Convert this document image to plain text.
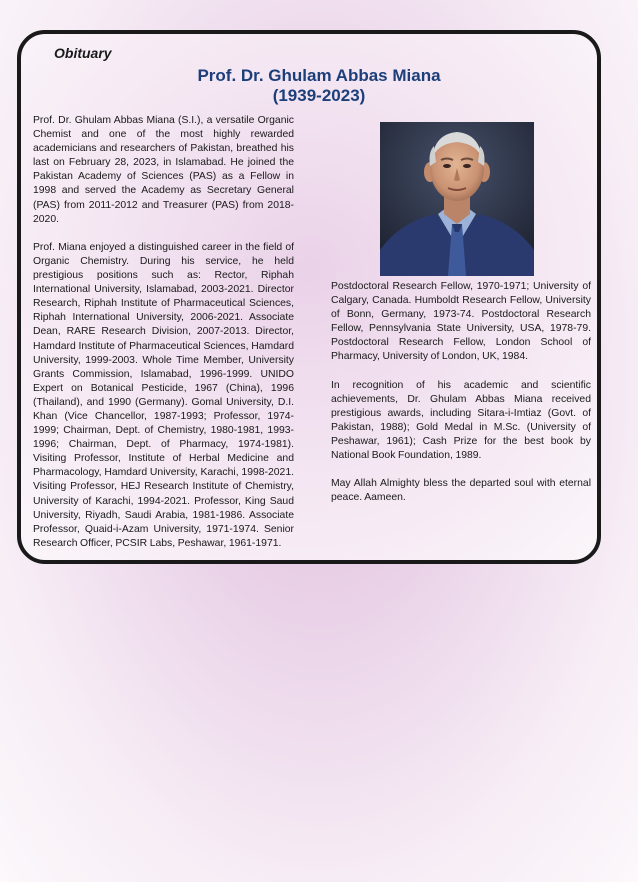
Obituary
Prof. Dr. Ghulam Abbas Miana
(1939-2023)

Prof. Dr. Ghulam Abbas Miana (S.I.), a versatile Organic Chemist and one of the most highly rewarded academicians and researchers of Pakistan, breathed his last on February 28, 2023, in Islamabad. He joined the Pakistan Academy of Sciences (PAS) as a Fellow in 1998 and served the Academy as Secretary General (PAS) from 2011-2012 and Treasurer (PAS) from 2018-2020.

Prof. Miana enjoyed a distinguished career in the field of Organic Chemistry. During his service, he held prestigious positions such as: Rector, Riphah International University, Islamabad, 2003-2021. Director Research, Riphah Institute of Pharmaceutical Sciences, Riphah International University, 2006-2021. Associate Dean, RARE Research Division, 2007-2013. Director, Hamdard Institute of Pharmaceutical Sciences, Hamdard University, 1999-2003. Whole Time Member, University Grants Commission, Islamabad, 1996-1999. UNIDO Expert on Botanical Pesticide, 1967 (China), 1996 (Thailand), and 1990 (Germany). Gomal University, D.I. Khan (Vice Chancellor, 1987-1993; Professor, 1974-1999; Chairman, Dept. of Chemistry, 1980-1981, 1993-1996; Chairman, Dept. of Pharmacy, 1974-1981). Visiting Professor, Institute of Herbal Medicine and Pharmacology, Hamdard University, Karachi, 1998-2021. Visiting Professor, HEJ Research Institute of Chemistry, University of Karachi, 1994-2021. Professor, King Saud University, Riyadh, Saudi Arabia, 1981-1986. Associate Professor, Quaid-i-Azam University, 1971-1974. Senior Research Officer, PCSIR Labs, Peshawar, 1961-1971.

Postdoctoral Research Fellow, 1970-1971; University of Calgary, Canada. Humboldt Research Fellow, University of Bonn, Germany, 1973-74. Postdoctoral Research Fellow, Pennsylvania State University, USA, 1978-79. Postdoctoral Research Fellow, London School of Pharmacy, University of London, UK, 1984.

In recognition of his academic and scientific achievements, Dr. Ghulam Abbas Miana received prestigious awards, including Sitara-i-Imtiaz (Govt. of Pakistan, 1988); Gold Medal in M.Sc. (University of Peshawar, 1961); Cash Prize for the best book by National Book Foundation, 1989.

May Allah Almighty bless the departed soul with eternal peace. Aameen.
